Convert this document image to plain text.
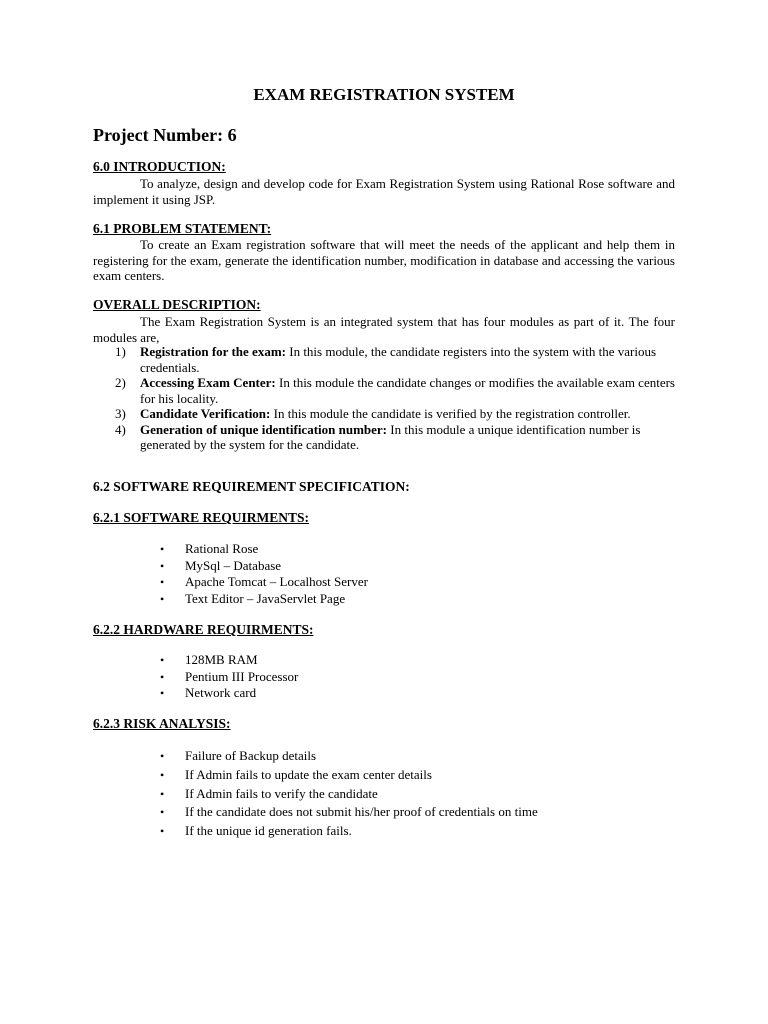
EXAM REGISTRATION SYSTEM
Project Number: 6
6.0 INTRODUCTION:

To analyze, design and develop code for Exam Registration System using Rational Rose software and implement it using JSP.

6.1 PROBLEM STATEMENT:

To create an Exam registration software that will meet the needs of the applicant and help them in registering for the exam, generate the identification number, modification in database and accessing the various exam centers.

OVERALL DESCRIPTION:

The Exam Registration System is an integrated system that has four modules as part of it. The four modules are,

1) Registration for the exam: In this module, the candidate registers into the system with the various credentials.
2) Accessing Exam Center: In this module the candidate changes or modifies the available exam centers for his locality.
3) Candidate Verification: In this module the candidate is verified by the registration controller.
4) Generation of unique identification number: In this module a unique identification number is generated by the system for the candidate.
6.2 SOFTWARE REQUIREMENT SPECIFICATION:
6.2.1 SOFTWARE REQUIRMENTS:
• Rational Rose
• MySql – Database
• Apache Tomcat – Localhost Server
• Text Editor – JavaServlet Page
6.2.2 HARDWARE REQUIRMENTS:
• 128MB RAM
• Pentium III Processor
• Network card
6.2.3 RISK ANALYSIS:
• Failure of Backup details
• If Admin fails to update the exam center details
• If Admin fails to verify the candidate
• If the candidate does not submit his/her proof of credentials on time
• If the unique id generation fails.
